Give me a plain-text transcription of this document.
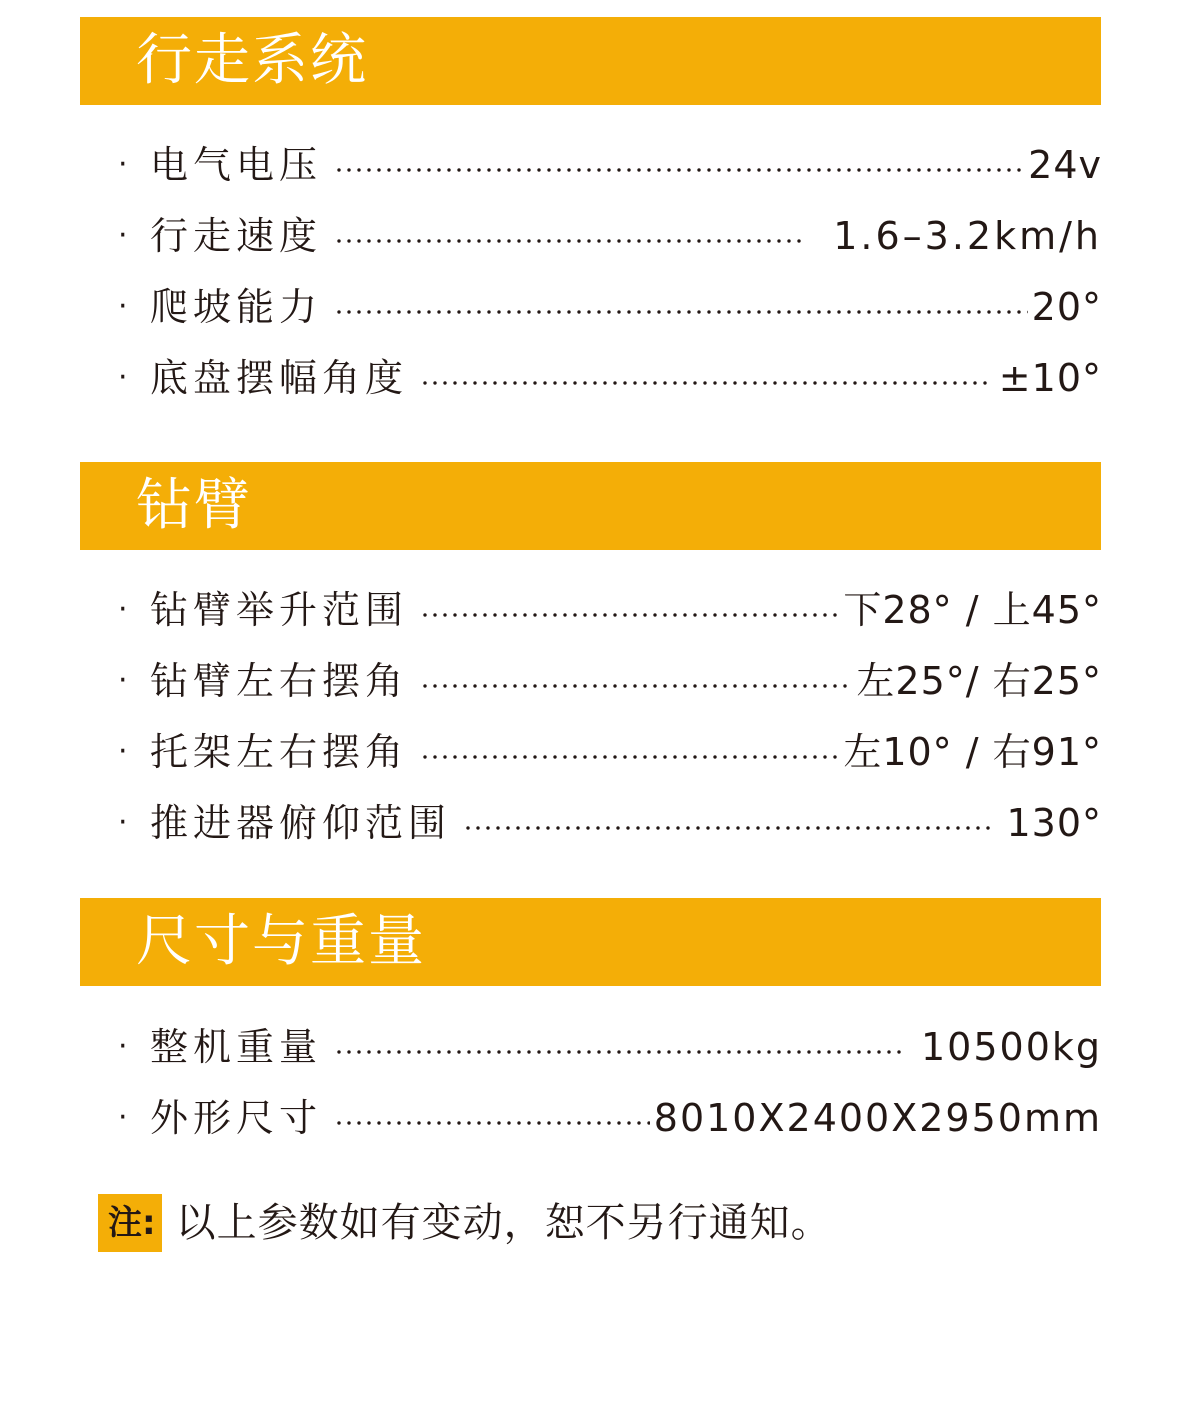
行走系统
· 电气电压	24v
· 行走速度	1.6–3.2km/h
· 爬坡能力	20°
· 底盘摆幅角度	±10°
钻臂
· 钻臂举升范围	下28° / 上45°
· 钻臂左右摆角	左25°/ 右25°
· 托架左右摆角	左10° / 右91°
· 推进器俯仰范围	130°
尺寸与重量
· 整机重量	10500kg
· 外形尺寸	8010X2400X2950mm
注: 以上参数如有变动，恕不另行通知。
